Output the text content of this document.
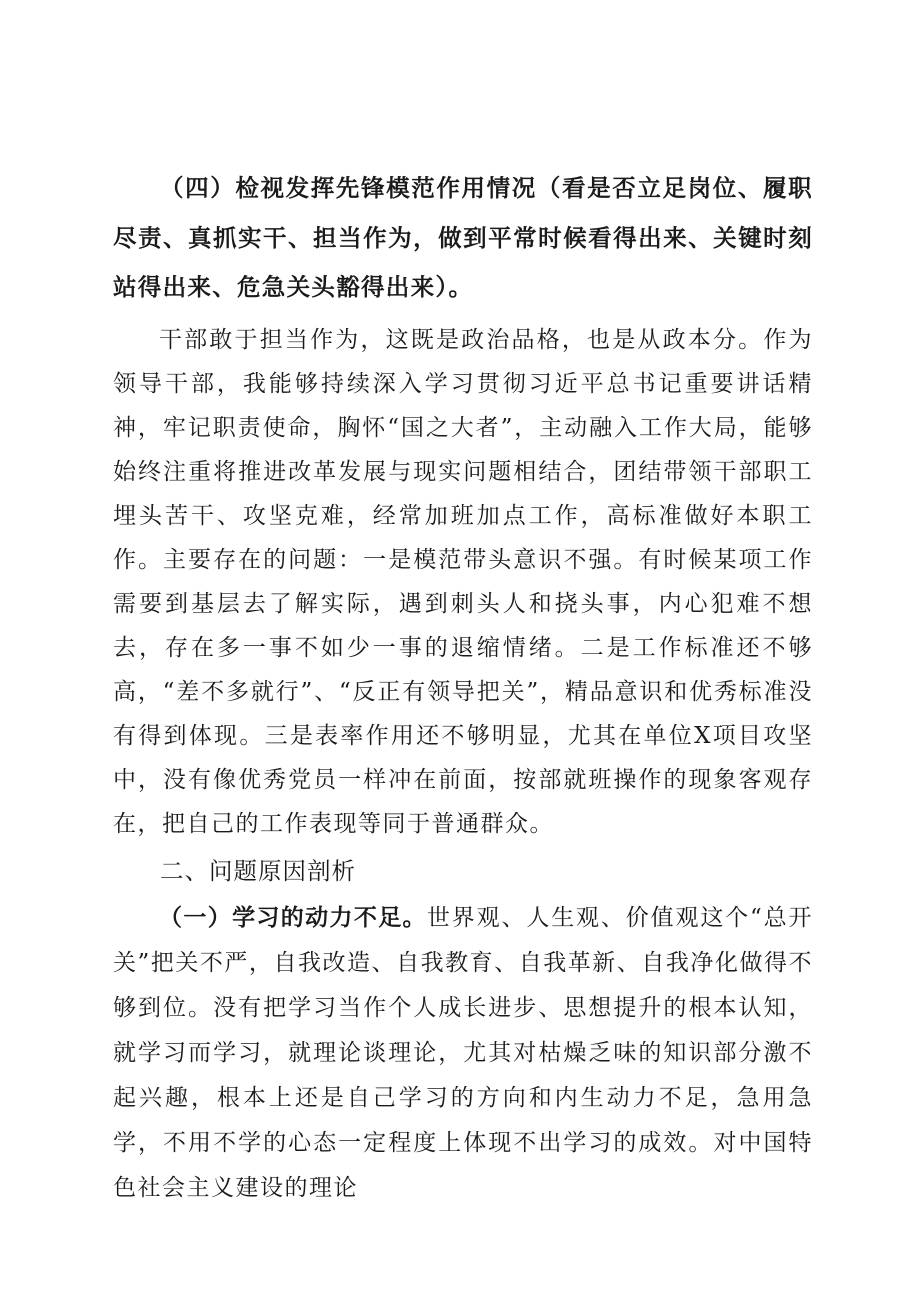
（四）检视发挥先锋模范作用情况（看是否立足岗位、履职尽责、真抓实干、担当作为，做到平常时候看得出来、关键时刻站得出来、危急关头豁得出来）。

干部敢于担当作为，这既是政治品格，也是从政本分。作为领导干部，我能够持续深入学习贯彻习近平总书记重要讲话精神，牢记职责使命，胸怀“国之大者”，主动融入工作大局，能够始终注重将推进改革发展与现实问题相结合，团结带领干部职工埋头苦干、攻坚克难，经常加班加点工作，高标准做好本职工作。主要存在的问题：一是模范带头意识不强。有时候某项工作需要到基层去了解实际，遇到刺头人和挠头事，内心犯难不想去，存在多一事不如少一事的退缩情绪。二是工作标准还不够高，“差不多就行”、“反正有领导把关”，精品意识和优秀标准没有得到体现。三是表率作用还不够明显，尤其在单位X项目攻坚中，没有像优秀党员一样冲在前面，按部就班操作的现象客观存在，把自己的工作表现等同于普通群众。

二、问题原因剖析

（一）学习的动力不足。世界观、人生观、价值观这个“总开关”把关不严，自我改造、自我教育、自我革新、自我净化做得不够到位。没有把学习当作个人成长进步、思想提升的根本认知，就学习而学习，就理论谈理论，尤其对枯燥乏味的知识部分激不起兴趣，根本上还是自己学习的方向和内生动力不足，急用急学，不用不学的心态一定程度上体现不出学习的成效。对中国特色社会主义建设的理论
